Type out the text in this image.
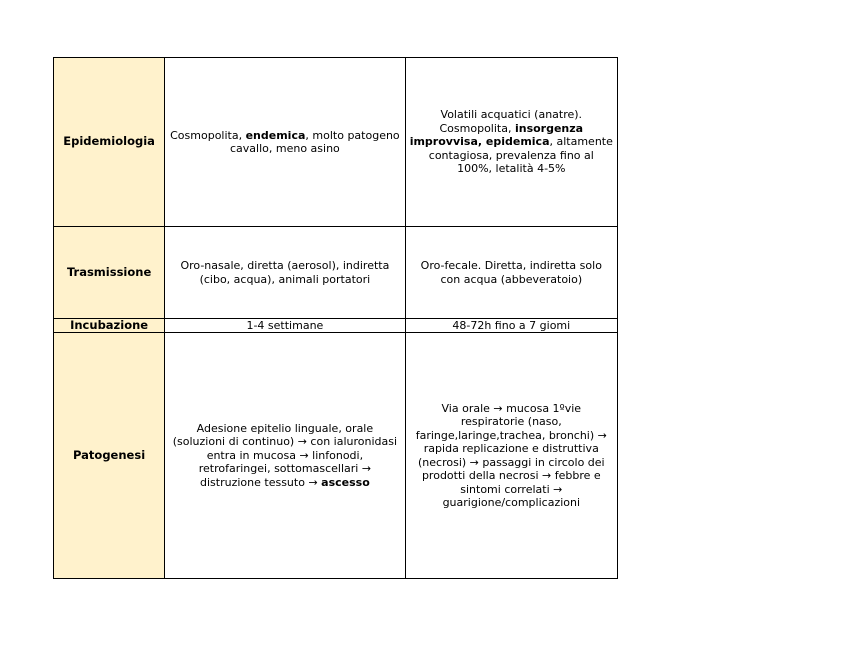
Epidemiologia	Cosmopolita, endemica, molto patogeno cavallo, meno asino	Volatili acquatici (anatre). Cosmopolita, insorgenza improvvisa, epidemica, altamente contagiosa, prevalenza fino al 100%, letalità 4-5%
Trasmissione	Oro-nasale, diretta (aerosol), indiretta (cibo, acqua), animali portatori	Oro-fecale. Diretta, indiretta solo con acqua (abbeveratoio)
Incubazione	1-4 settimane	48-72h fino a 7 giomi
Patogenesi	Adesione epitelio linguale, orale (soluzioni di continuo) → con ialuronidasi entra in mucosa → linfonodi, retrofaringei, sottomascellari → distruzione tessuto → ascesso	Via orale → mucosa 1ºvie respiratorie (naso, faringe,laringe,trachea, bronchi) → rapida replicazione e distruttiva (necrosi) → passaggi in circolo dei prodotti della necrosi → febbre e sintomi correlati → guarigione/complicazioni
